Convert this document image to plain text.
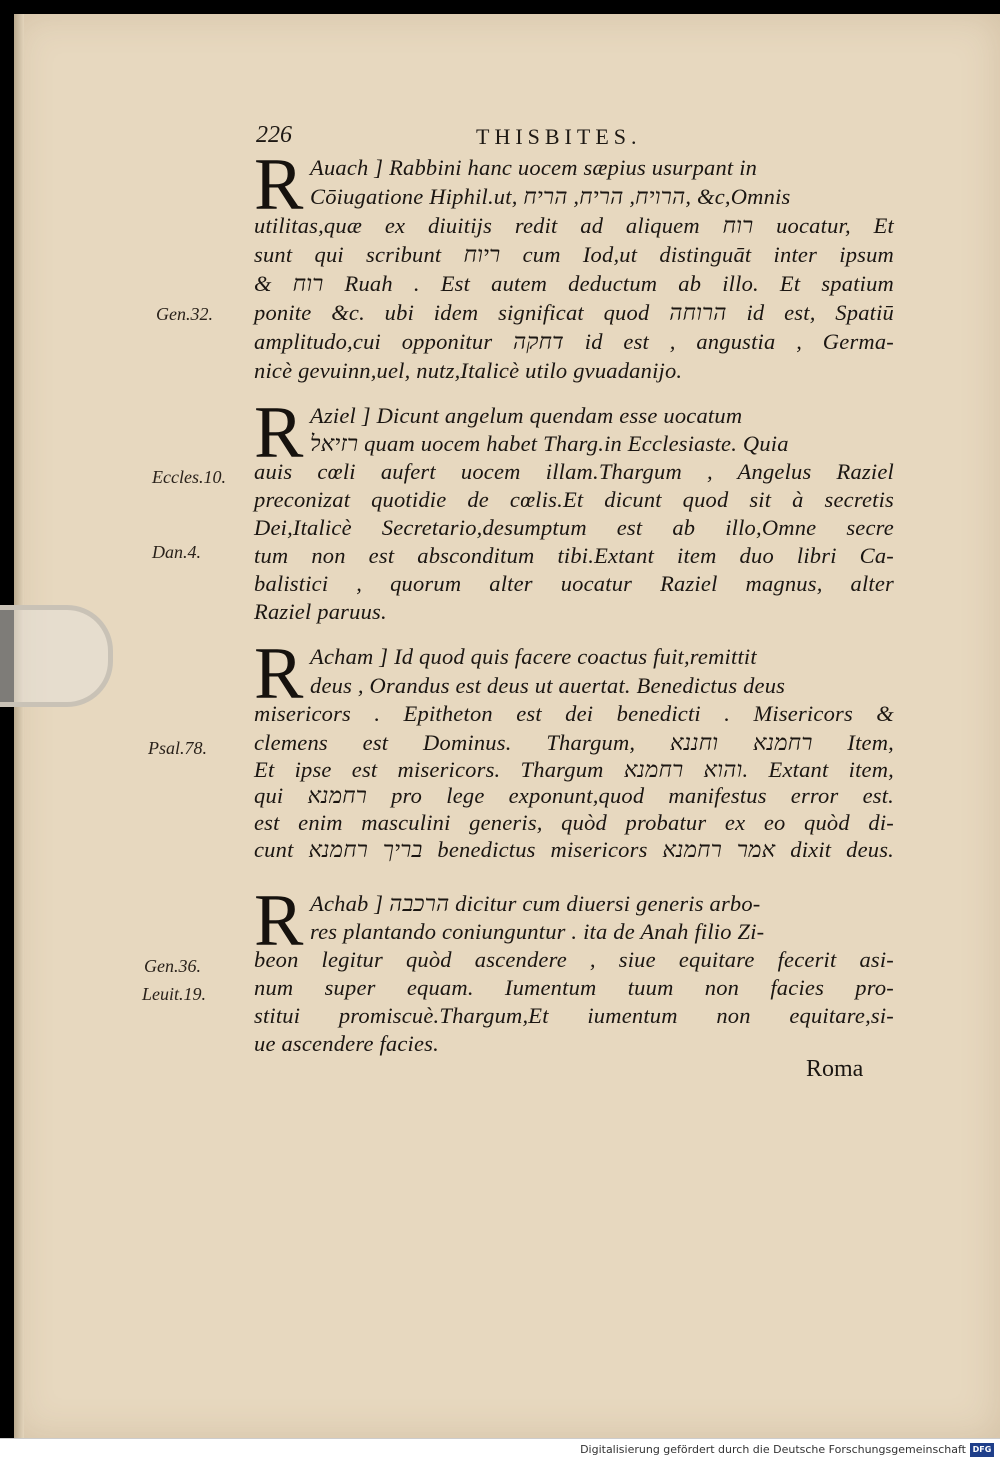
226	THISBITES.
R Auach ] Rabbini hanc uocem sæpius usurpant in
Cōiugatione Hiphil.ut, הרויח, הריח, הריח, &c,Omnis
utilitas,quæ ex diuitijs redit ad aliquem רוח uocatur, Et
sunt qui scribunt ריוח cum Iod,ut distinguāt inter ipsum
& רוח Ruah . Est autem deductum ab illo. Et spatium
ponite &c. ubi idem significat quod הרוחה id est, Spatiū
amplitudo,cui opponitur דחקה id est , angustia , Germa-
nicè gevuinn,uel, nutz,Italicè utilo gvuadanijo.
R Aziel ] Dicunt angelum quendam esse uocatum
רזיאל quam uocem habet Tharg.in Ecclesiaste. Quia
auis cœli aufert uocem illam.Thargum , Angelus Raziel
preconizat quotidie de cœlis.Et dicunt quod sit à secretis
Dei,Italicè Secretario,desumptum est ab illo,Omne secre
tum non est absconditum tibi.Extant item duo libri Ca-
balistici , quorum alter uocatur Raziel magnus, alter
Raziel paruus.
R Acham ] Id quod quis facere coactus fuit,remittit
deus , Orandus est deus ut auertat. Benedictus deus
misericors . Epitheton est dei benedicti . Misericors &
clemens est Dominus. Thargum, רחמנא וחננא Item,
Et ipse est misericors. Thargum והוא רחמנא. Extant item,
qui רחמנא pro lege exponunt,quod manifestus error est.
est enim masculini generis, quòd probatur ex eo quòd di-
cunt בריך רחמנא benedictus misericors אמר רחמנא dixit deus.
R Achab ] הרכבה dicitur cum diuersi generis arbo-
res plantando coniunguntur . ita de Anah filio Zi-
beon legitur quòd ascendere , siue equitare fecerit asi-
num super equam. Iumentum tuum non facies pro-
stitui promiscuè.Thargum,Et iumentum non equitare,si-
ue ascendere facies.
Gen.32.
Eccles.10.
Dan.4.
Psal.78.
Gen.36.
Leuit.19.
Roma
Digitalisierung gefördert durch die Deutsche Forschungsgemeinschaft DFG
